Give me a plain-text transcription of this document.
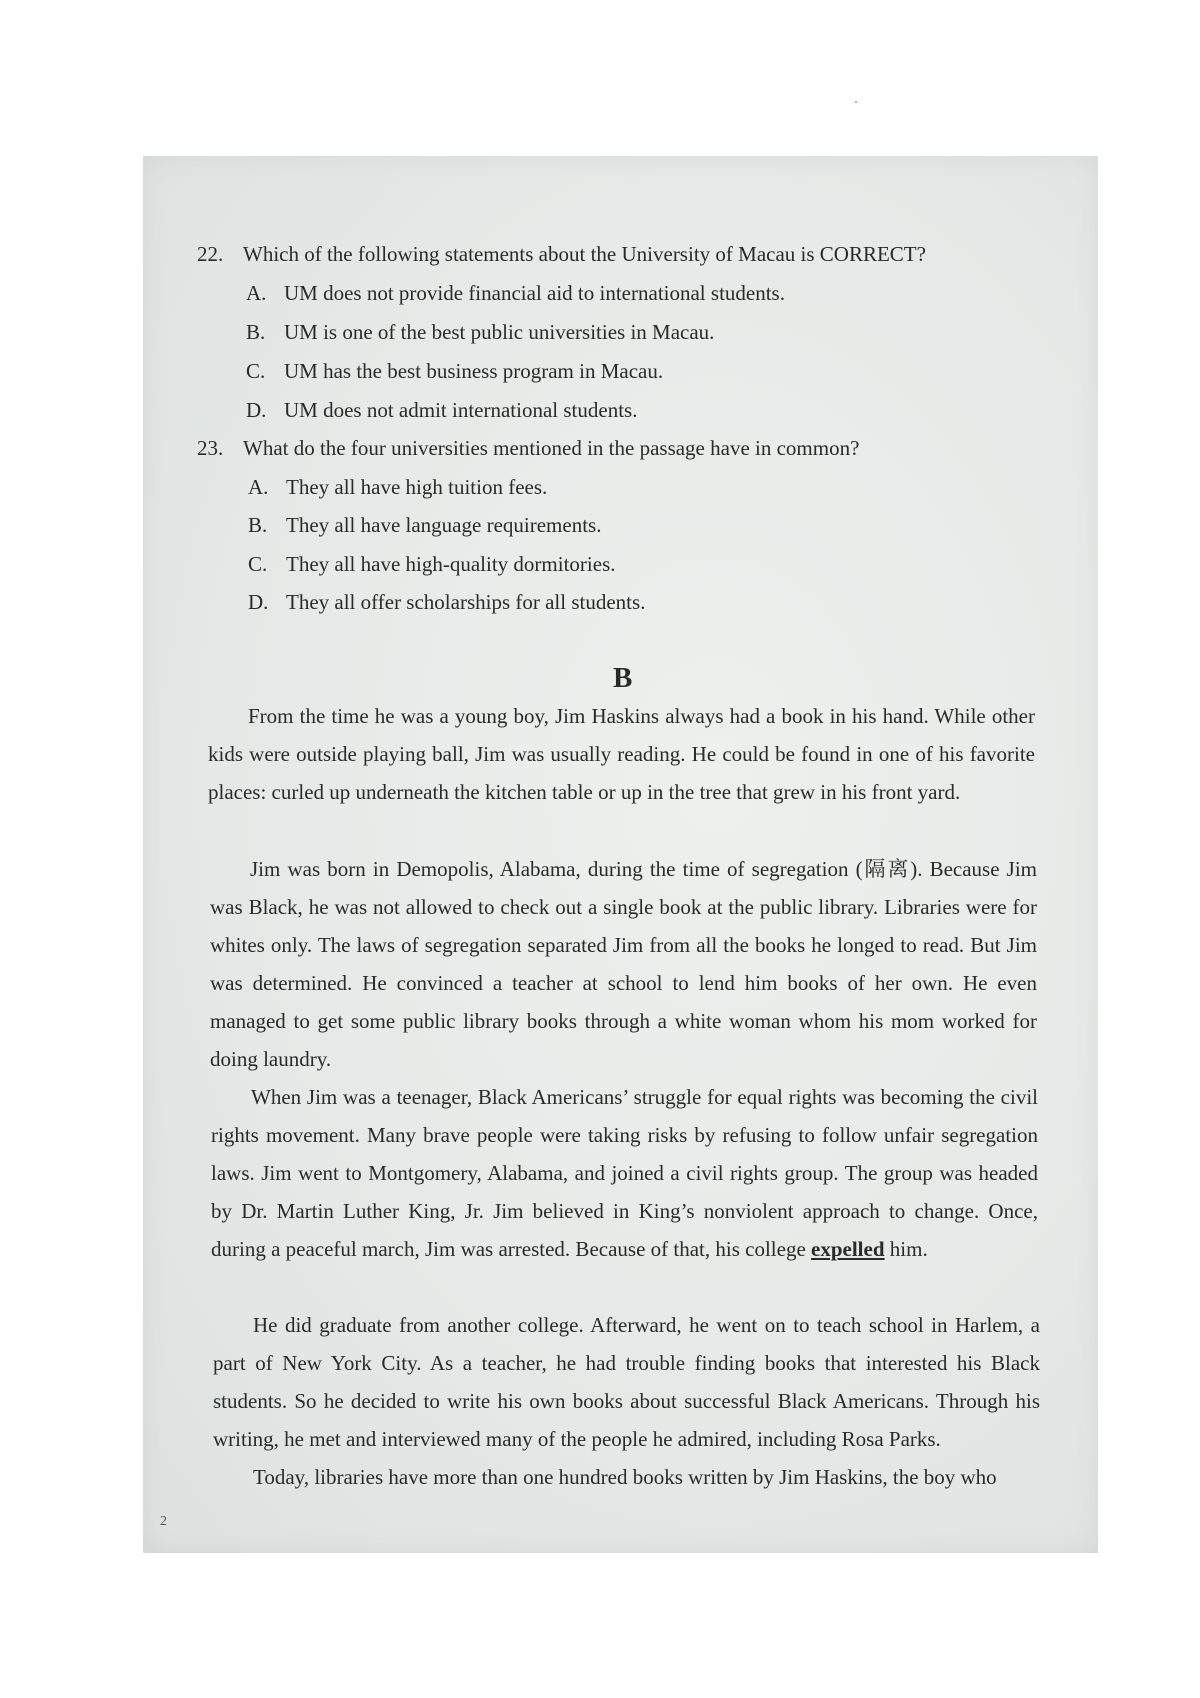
22. Which of the following statements about the University of Macau is CORRECT?
A. UM does not provide financial aid to international students.
B. UM is one of the best public universities in Macau.
C. UM has the best business program in Macau.
D. UM does not admit international students.
23. What do the four universities mentioned in the passage have in common?
A. They all have high tuition fees.
B. They all have language requirements.
C. They all have high-quality dormitories.
D. They all offer scholarships for all students.
B

From the time he was a young boy, Jim Haskins always had a book in his hand. While other kids were outside playing ball, Jim was usually reading. He could be found in one of his favorite places: curled up underneath the kitchen table or up in the tree that grew in his front yard.

Jim was born in Demopolis, Alabama, during the time of segregation (隔离). Because Jim was Black, he was not allowed to check out a single book at the public library. Libraries were for whites only. The laws of segregation separated Jim from all the books he longed to read. But Jim was determined. He convinced a teacher at school to lend him books of her own. He even managed to get some public library books through a white woman whom his mom worked for doing laundry.

When Jim was a teenager, Black Americans’ struggle for equal rights was becoming the civil rights movement. Many brave people were taking risks by refusing to follow unfair segregation laws. Jim went to Montgomery, Alabama, and joined a civil rights group. The group was headed by Dr. Martin Luther King, Jr. Jim believed in King’s nonviolent approach to change. Once, during a peaceful march, Jim was arrested. Because of that, his college expelled him.

He did graduate from another college. Afterward, he went on to teach school in Harlem, a part of New York City. As a teacher, he had trouble finding books that interested his Black students. So he decided to write his own books about successful Black Americans. Through his writing, he met and interviewed many of the people he admired, including Rosa Parks.

Today, libraries have more than one hundred books written by Jim Haskins, the boy who

2
